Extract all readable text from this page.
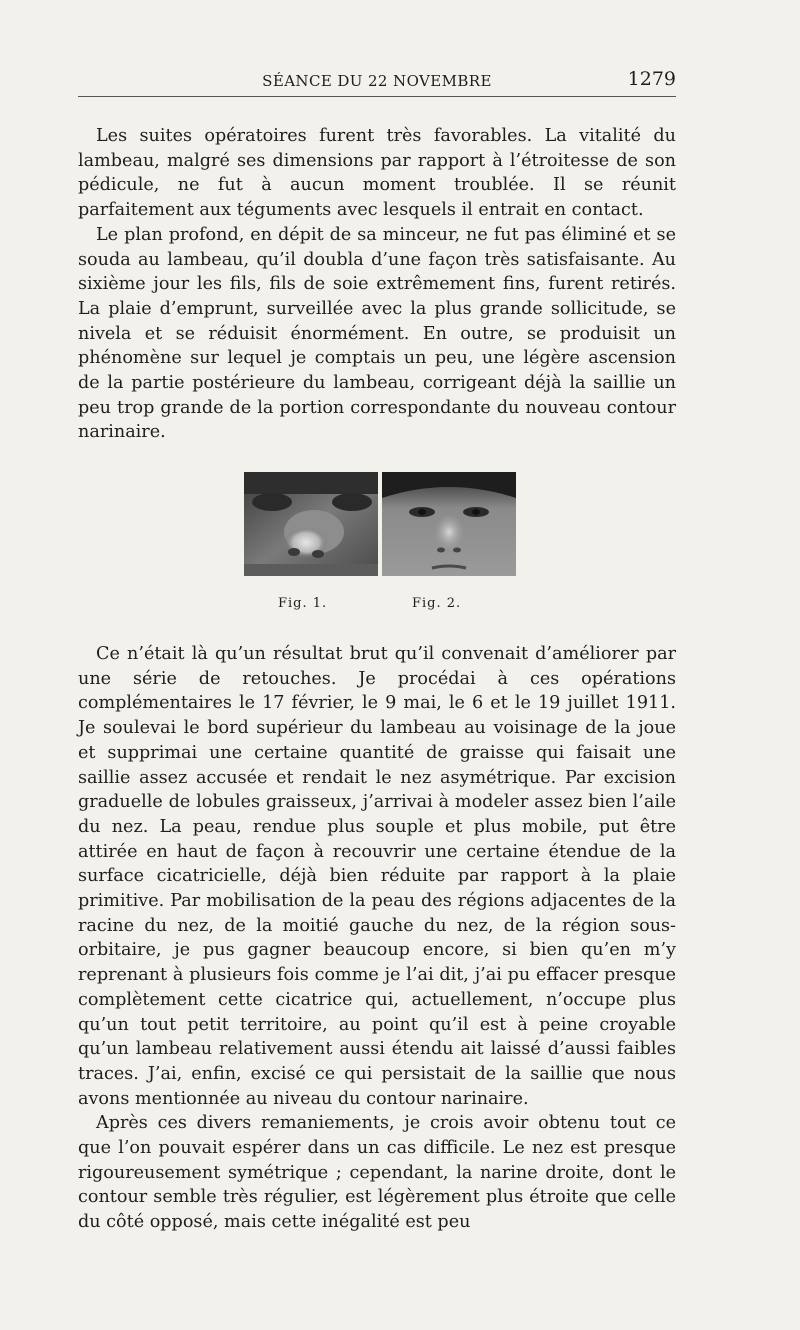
SÉANCE DU 22 NOVEMBRE	1279

Les suites opératoires furent très favorables. La vitalité du lambeau, malgré ses dimensions par rapport à l’étroitesse de son pédicule, ne fut à aucun moment troublée. Il se réunit parfaitement aux téguments avec lesquels il entrait en contact.

Le plan profond, en dépit de sa minceur, ne fut pas éliminé et se souda au lambeau, qu’il doubla d’une façon très satisfaisante. Au sixième jour les fils, fils de soie extrêmement fins, furent retirés. La plaie d’emprunt, surveillée avec la plus grande sollicitude, se nivela et se réduisit énormément. En outre, se produisit un phénomène sur lequel je comptais un peu, une légère ascension de la partie postérieure du lambeau, corrigeant déjà la saillie un peu trop grande de la portion correspondante du nouveau contour narinaire.

Fig. 1.	Fig. 2.

Ce n’était là qu’un résultat brut qu’il convenait d’améliorer par une série de retouches. Je procédai à ces opérations complémentaires le 17 février, le 9 mai, le 6 et le 19 juillet 1911. Je soulevai le bord supérieur du lambeau au voisinage de la joue et supprimai une certaine quantité de graisse qui faisait une saillie assez accusée et rendait le nez asymétrique. Par excision graduelle de lobules graisseux, j’arrivai à modeler assez bien l’aile du nez. La peau, rendue plus souple et plus mobile, put être attirée en haut de façon à recouvrir une certaine étendue de la surface cicatricielle, déjà bien réduite par rapport à la plaie primitive. Par mobilisation de la peau des régions adjacentes de la racine du nez, de la moitié gauche du nez, de la région sous-orbitaire, je pus gagner beaucoup encore, si bien qu’en m’y reprenant à plusieurs fois comme je l’ai dit, j’ai pu effacer presque complètement cette cicatrice qui, actuellement, n’occupe plus qu’un tout petit territoire, au point qu’il est à peine croyable qu’un lambeau relativement aussi étendu ait laissé d’aussi faibles traces. J’ai, enfin, excisé ce qui persistait de la saillie que nous avons mentionnée au niveau du contour narinaire.

Après ces divers remaniements, je crois avoir obtenu tout ce que l’on pouvait espérer dans un cas difficile. Le nez est presque rigoureusement symétrique ; cependant, la narine droite, dont le contour semble très régulier, est légèrement plus étroite que celle du côté opposé, mais cette inégalité est peu
